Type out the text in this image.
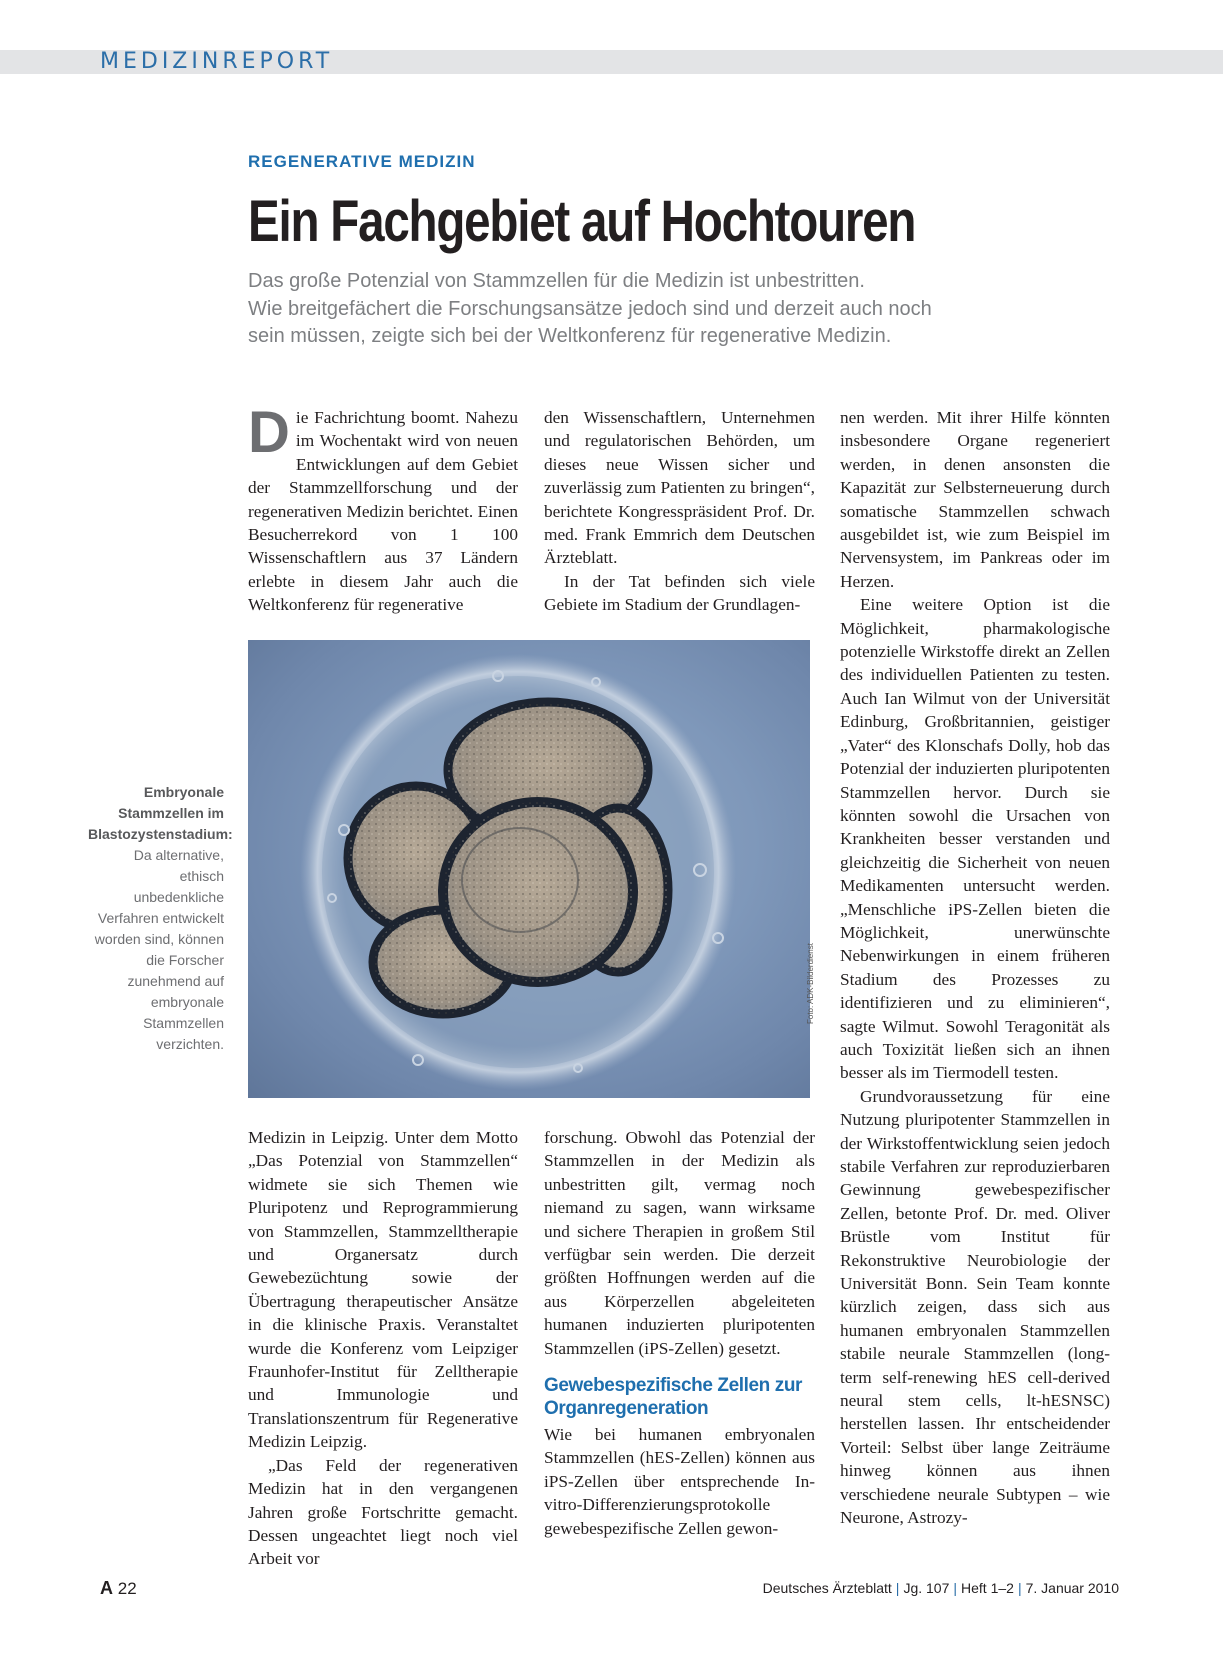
MEDIZINREPORT
REGENERATIVE MEDIZIN
Ein Fachgebiet auf Hochtouren
Das große Potenzial von Stammzellen für die Medizin ist unbestritten.
Wie breitgefächert die Forschungsansätze jedoch sind und derzeit auch noch
sein müssen, zeigte sich bei der Weltkonferenz für regenerative Medizin.

Die Fachrichtung boomt. Nahezu im Wochentakt wird von neuen Entwicklungen auf dem Gebiet der Stammzellforschung und der regenerativen Medizin berichtet. Einen Besucherrekord von 1 100 Wissenschaftlern aus 37 Ländern erlebte in diesem Jahr auch die Weltkonferenz für regenerative

den Wissenschaftlern, Unternehmen und regulatorischen Behörden, um dieses neue Wissen sicher und zuverlässig zum Patienten zu bringen“, berichtete Kongresspräsident Prof. Dr. med. Frank Emmrich dem Deutschen Ärzteblatt.

In der Tat befinden sich viele Gebiete im Stadium der Grundlagen-

nen werden. Mit ihrer Hilfe könnten insbesondere Organe regeneriert werden, in denen ansonsten die Kapazität zur Selbsterneuerung durch somatische Stammzellen schwach ausgebildet ist, wie zum Beispiel im Nervensystem, im Pankreas oder im Herzen.

Eine weitere Option ist die Möglichkeit, pharmakologische potenzielle Wirkstoffe direkt an Zellen des individuellen Patienten zu testen. Auch Ian Wilmut von der Universität Edinburg, Großbritannien, geistiger „Vater“ des Klonschafs Dolly, hob das Potenzial der induzierten pluripotenten Stammzellen hervor. Durch sie könnten sowohl die Ursachen von Krankheiten besser verstanden und gleichzeitig die Sicherheit von neuen Medikamenten untersucht werden. „Menschliche iPS-Zellen bieten die Möglichkeit, unerwünschte Nebenwirkungen in einem früheren Stadium des Prozesses zu identifizieren und zu eliminieren“, sagte Wilmut. Sowohl Teragonität als auch Toxizität ließen sich an ihnen besser als im Tiermodell testen.

Grundvoraussetzung für eine Nutzung pluripotenter Stammzellen in der Wirkstoffentwicklung seien jedoch stabile Verfahren zur reproduzierbaren Gewinnung gewebespezifischer Zellen, betonte Prof. Dr. med. Oliver Brüstle vom Institut für Rekonstruktive Neurobiologie der Universität Bonn. Sein Team konnte kürzlich zeigen, dass sich aus humanen embryonalen Stammzellen stabile neurale Stammzellen (long-term self-renewing hES cell-derived neural stem cells, lt-hESNSC) herstellen lassen. Ihr entscheidender Vorteil: Selbst über lange Zeiträume hinweg können aus ihnen verschiedene neurale Subtypen – wie Neurone, Astrozy-

Foto: ADK-Bilderdienst
Embryonale Stammzellen im Blastozystenstadium: Da alternative, ethisch unbedenkliche Verfahren entwickelt worden sind, können die Forscher zunehmend auf embryonale Stammzellen verzichten.

Medizin in Leipzig. Unter dem Motto „Das Potenzial von Stammzellen“ widmete sie sich Themen wie Pluripotenz und Reprogrammierung von Stammzellen, Stammzelltherapie und Organersatz durch Gewebezüchtung sowie der Übertragung therapeutischer Ansätze in die klinische Praxis. Veranstaltet wurde die Konferenz vom Leipziger Fraunhofer-Institut für Zelltherapie und Immunologie und Translationszentrum für Regenerative Medizin Leipzig.

„Das Feld der regenerativen Medizin hat in den vergangenen Jahren große Fortschritte gemacht. Dessen ungeachtet liegt noch viel Arbeit vor

forschung. Obwohl das Potenzial der Stammzellen in der Medizin als unbestritten gilt, vermag noch niemand zu sagen, wann wirksame und sichere Therapien in großem Stil verfügbar sein werden. Die derzeit größten Hoffnungen werden auf die aus Körperzellen abgeleiteten humanen induzierten pluripotenten Stammzellen (iPS-Zellen) gesetzt.

Gewebespezifische Zellen zur Organregeneration

Wie bei humanen embryonalen Stammzellen (hES-Zellen) können aus iPS-Zellen über entsprechende In-vitro-Differenzierungsprotokolle gewebespezifische Zellen gewon-

A 22	Deutsches Ärzteblatt | Jg. 107 | Heft 1–2 | 7. Januar 2010
